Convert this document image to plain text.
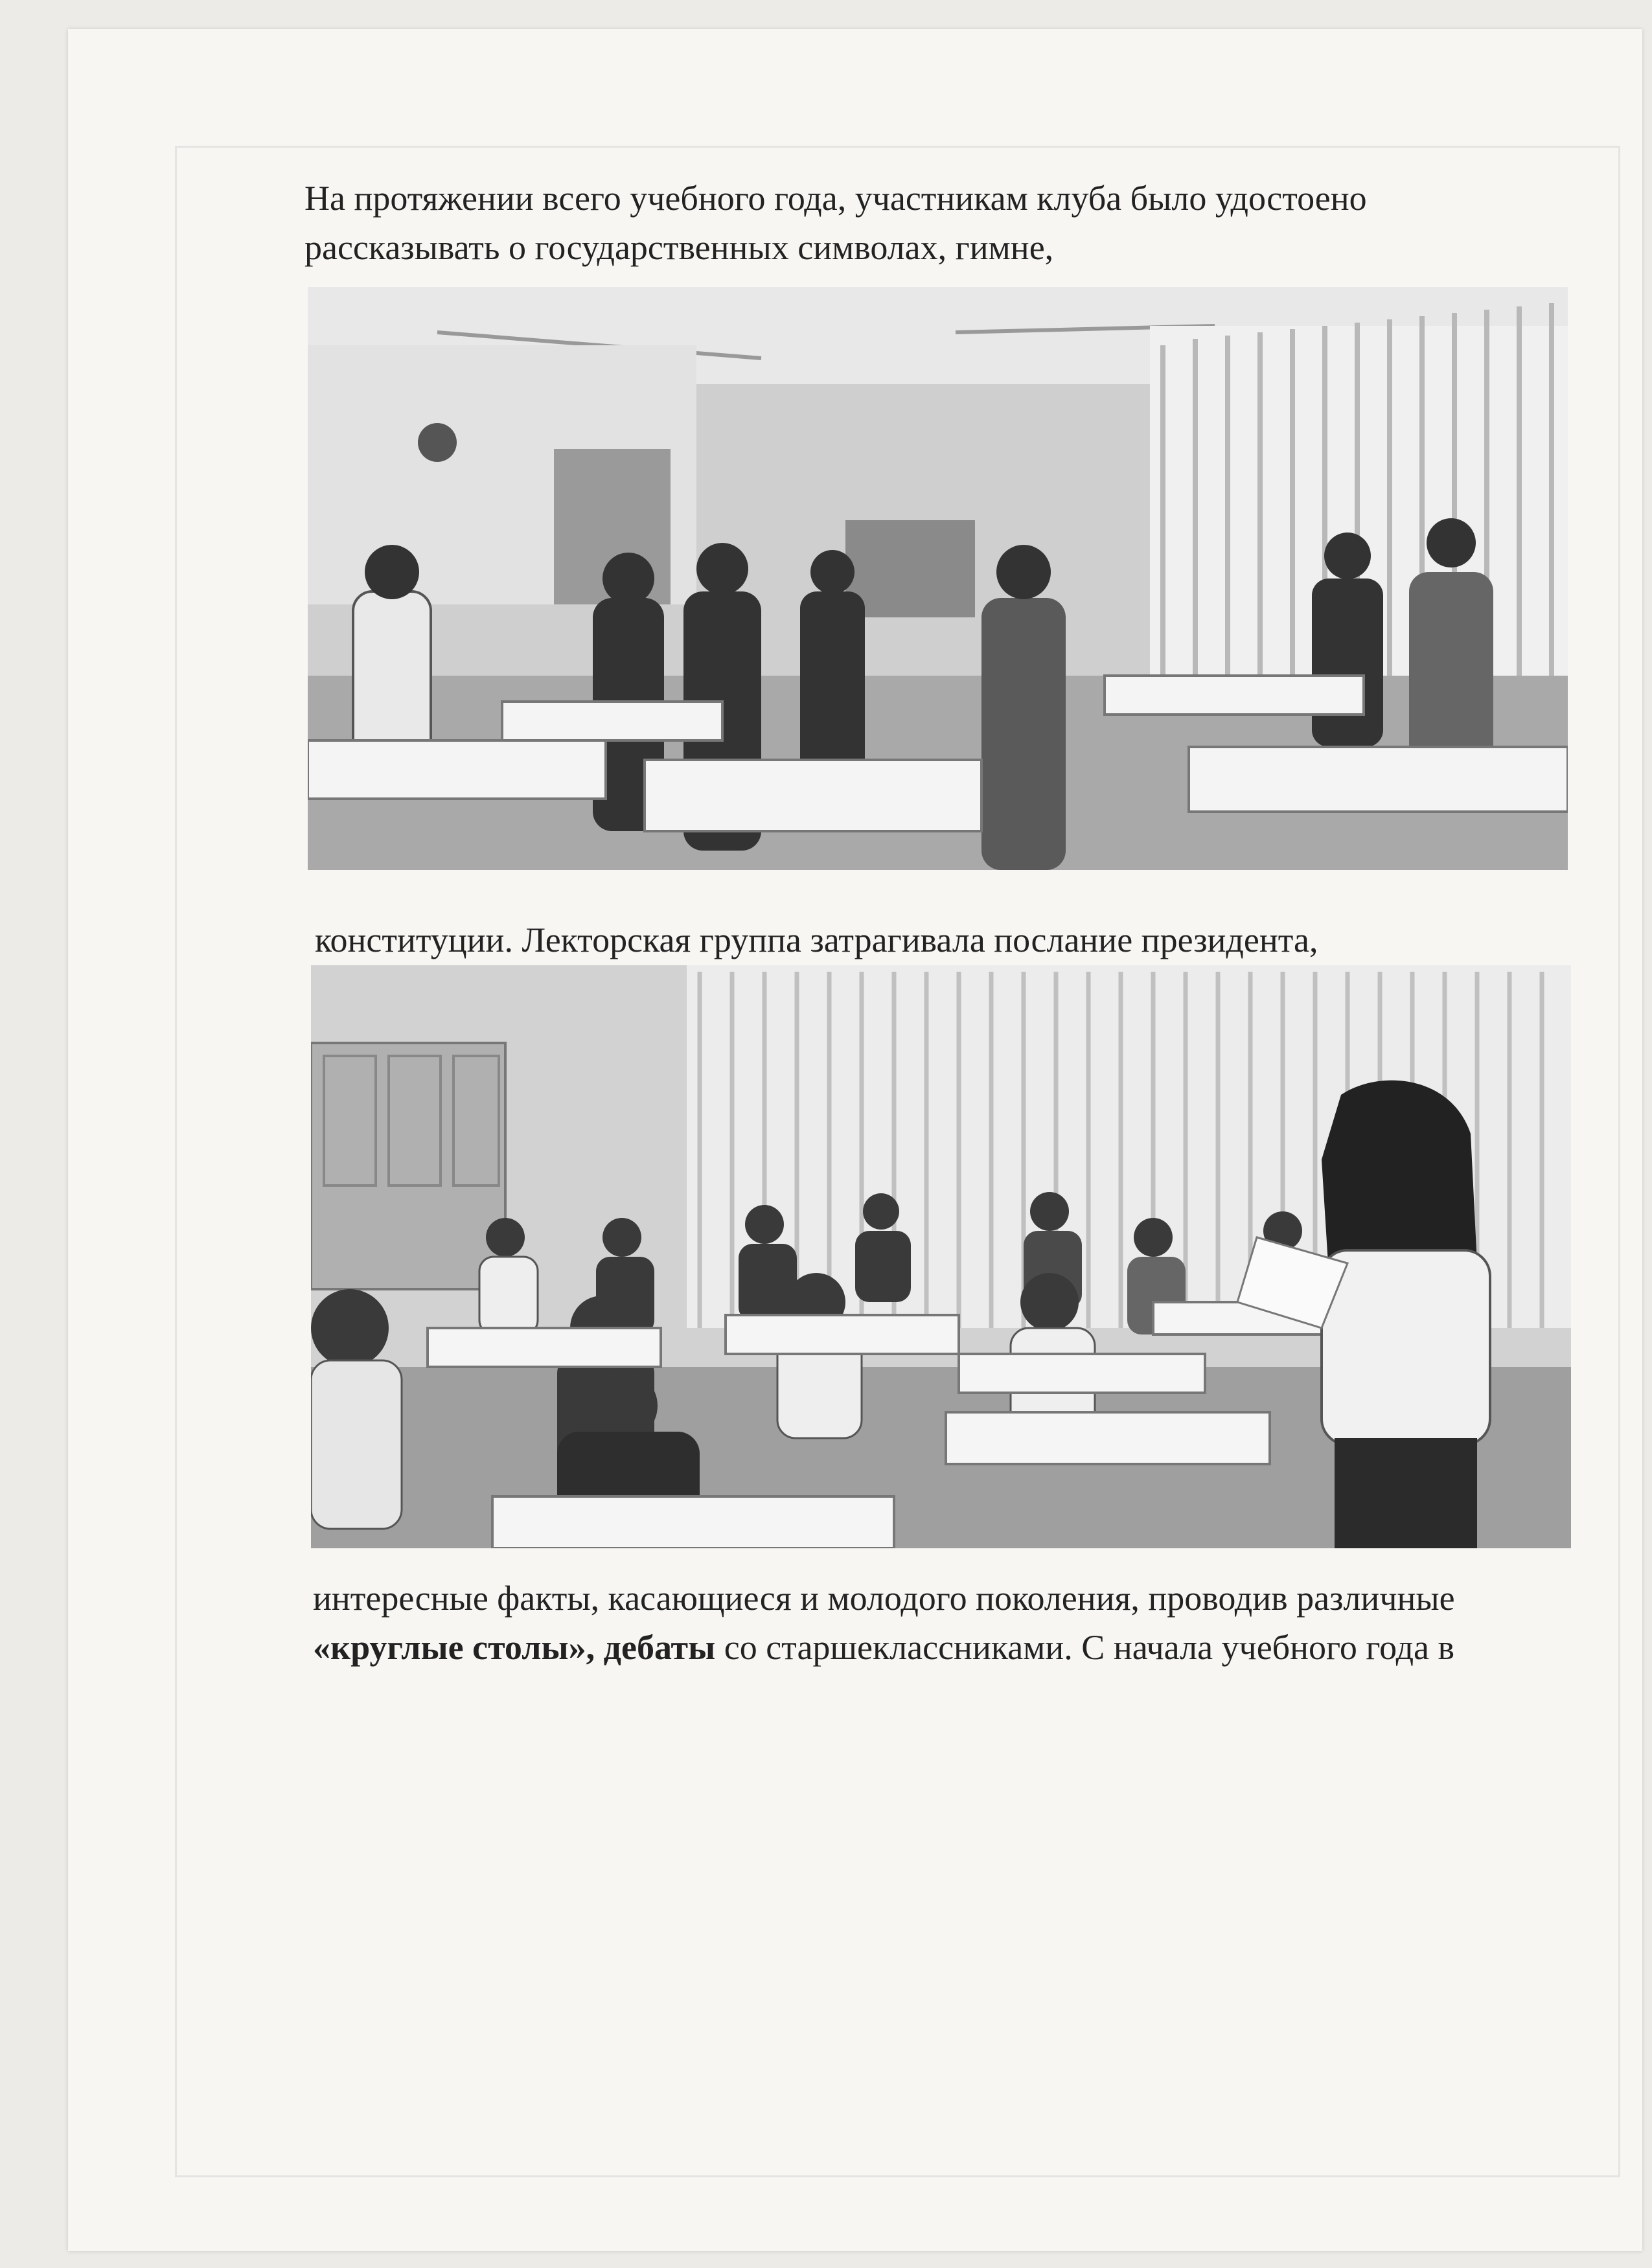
На протяжении всего учебного года, участникам клуба было удостоено

рассказывать о государственных символах, гимне,

конституции. Лекторская группа затрагивала послание президента,

интересные факты, касающиеся и молодого поколения, проводив различные

«круглые столы», дебаты со старшеклассниками. С начала учебного года в
